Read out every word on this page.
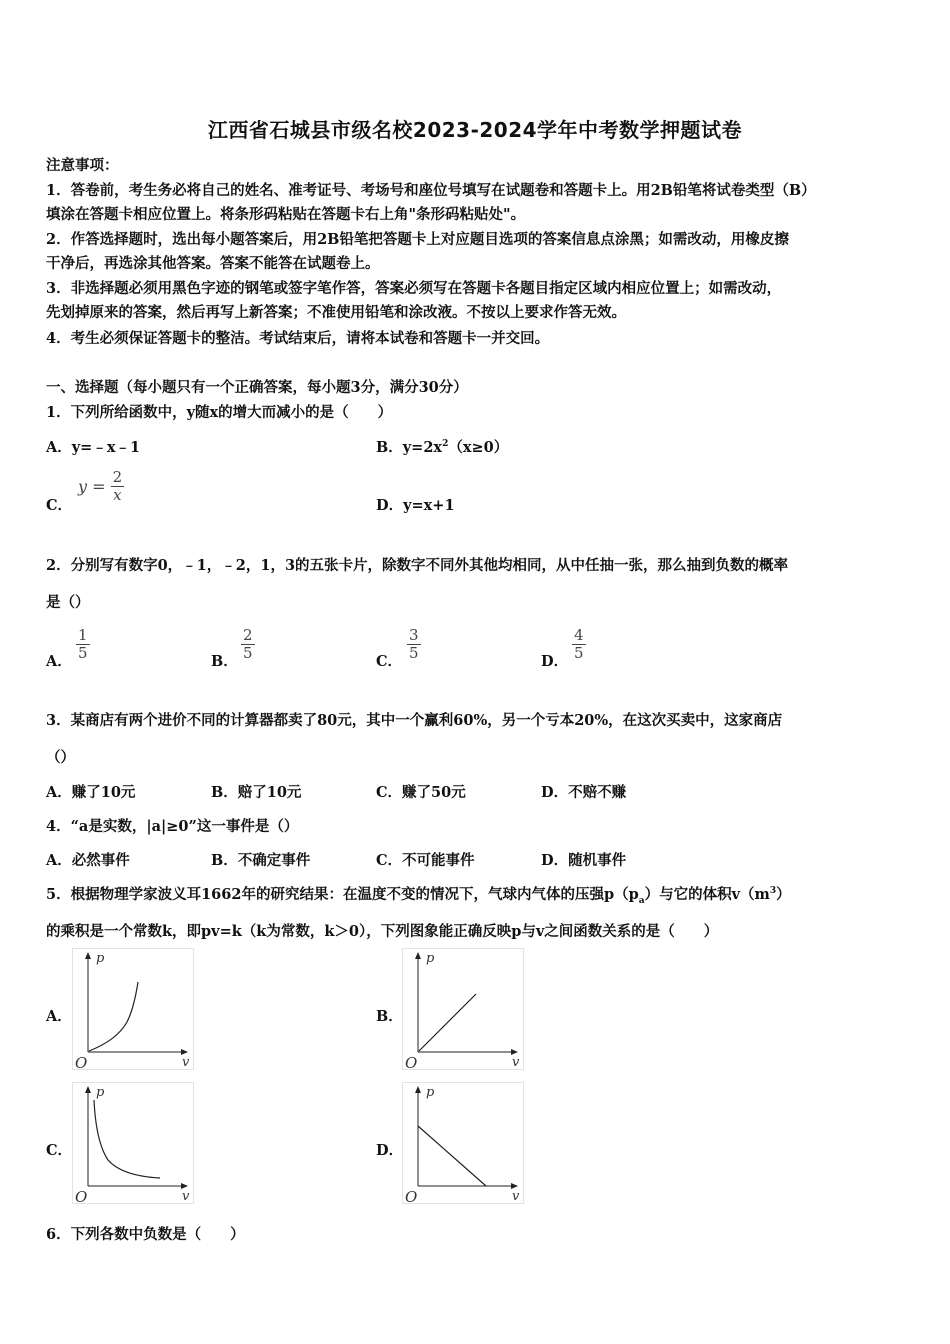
江西省石城县市级名校2023-2024学年中考数学押题试卷
注意事项：
1．答卷前，考生务必将自己的姓名、准考证号、考场号和座位号填写在试题卷和答题卡上。用2B铅笔将试卷类型（B）
填涂在答题卡相应位置上。将条形码粘贴在答题卡右上角"条形码粘贴处"。
2．作答选择题时，选出每小题答案后，用2B铅笔把答题卡上对应题目选项的答案信息点涂黑；如需改动，用橡皮擦
干净后，再选涂其他答案。答案不能答在试题卷上。
3．非选择题必须用黑色字迹的钢笔或签字笔作答，答案必须写在答题卡各题目指定区域内相应位置上；如需改动，
先划掉原来的答案，然后再写上新答案；不准使用铅笔和涂改液。不按以上要求作答无效。
4．考生必须保证答题卡的整洁。考试结束后，请将本试卷和答题卡一并交回。
一、选择题（每小题只有一个正确答案，每小题3分，满分30分）
1．下列所给函数中，y随x的增大而减小的是（　　）
A．y=﹣x﹣1	B．$y=2x^2(x\ge 0)$
C．
$y = \frac{2}{x}$
D．y=x+1
2．分别写有数字0，﹣1，﹣2，1，3的五张卡片，除数字不同外其他均相同，从中任抽一张，那么抽到负数的概率
是（）
A． $\frac{1}{5}$	B． $\frac{2}{5}$	C． $\frac{3}{5}$	D． $\frac{4}{5}$
3．某商店有两个进价不同的计算器都卖了80元，其中一个赢利60%，另一个亏本20%，在这次买卖中，这家商店
（）
A．赚了10元	B．赔了10元	C．赚了50元	D．不赔不赚
4．“a是实数，|a|≥0”这一事件是（）
A．必然事件	B．不确定事件	C．不可能事件	D．随机事件
5．根据物理学家波义耳1662年的研究结果：在温度不变的情况下，气球内气体的压强$p(p_a)$与它的体积$v(m^3)$
的乘积是一个常数k，即pv=k（k为常数，k＞0），下列图象能正确反映p与v之间函数关系的是（　　）
A．	B．
C．	D．
p
v
O
p
v
O
p
v
O
p
v
O
6．下列各数中负数是（　　）
